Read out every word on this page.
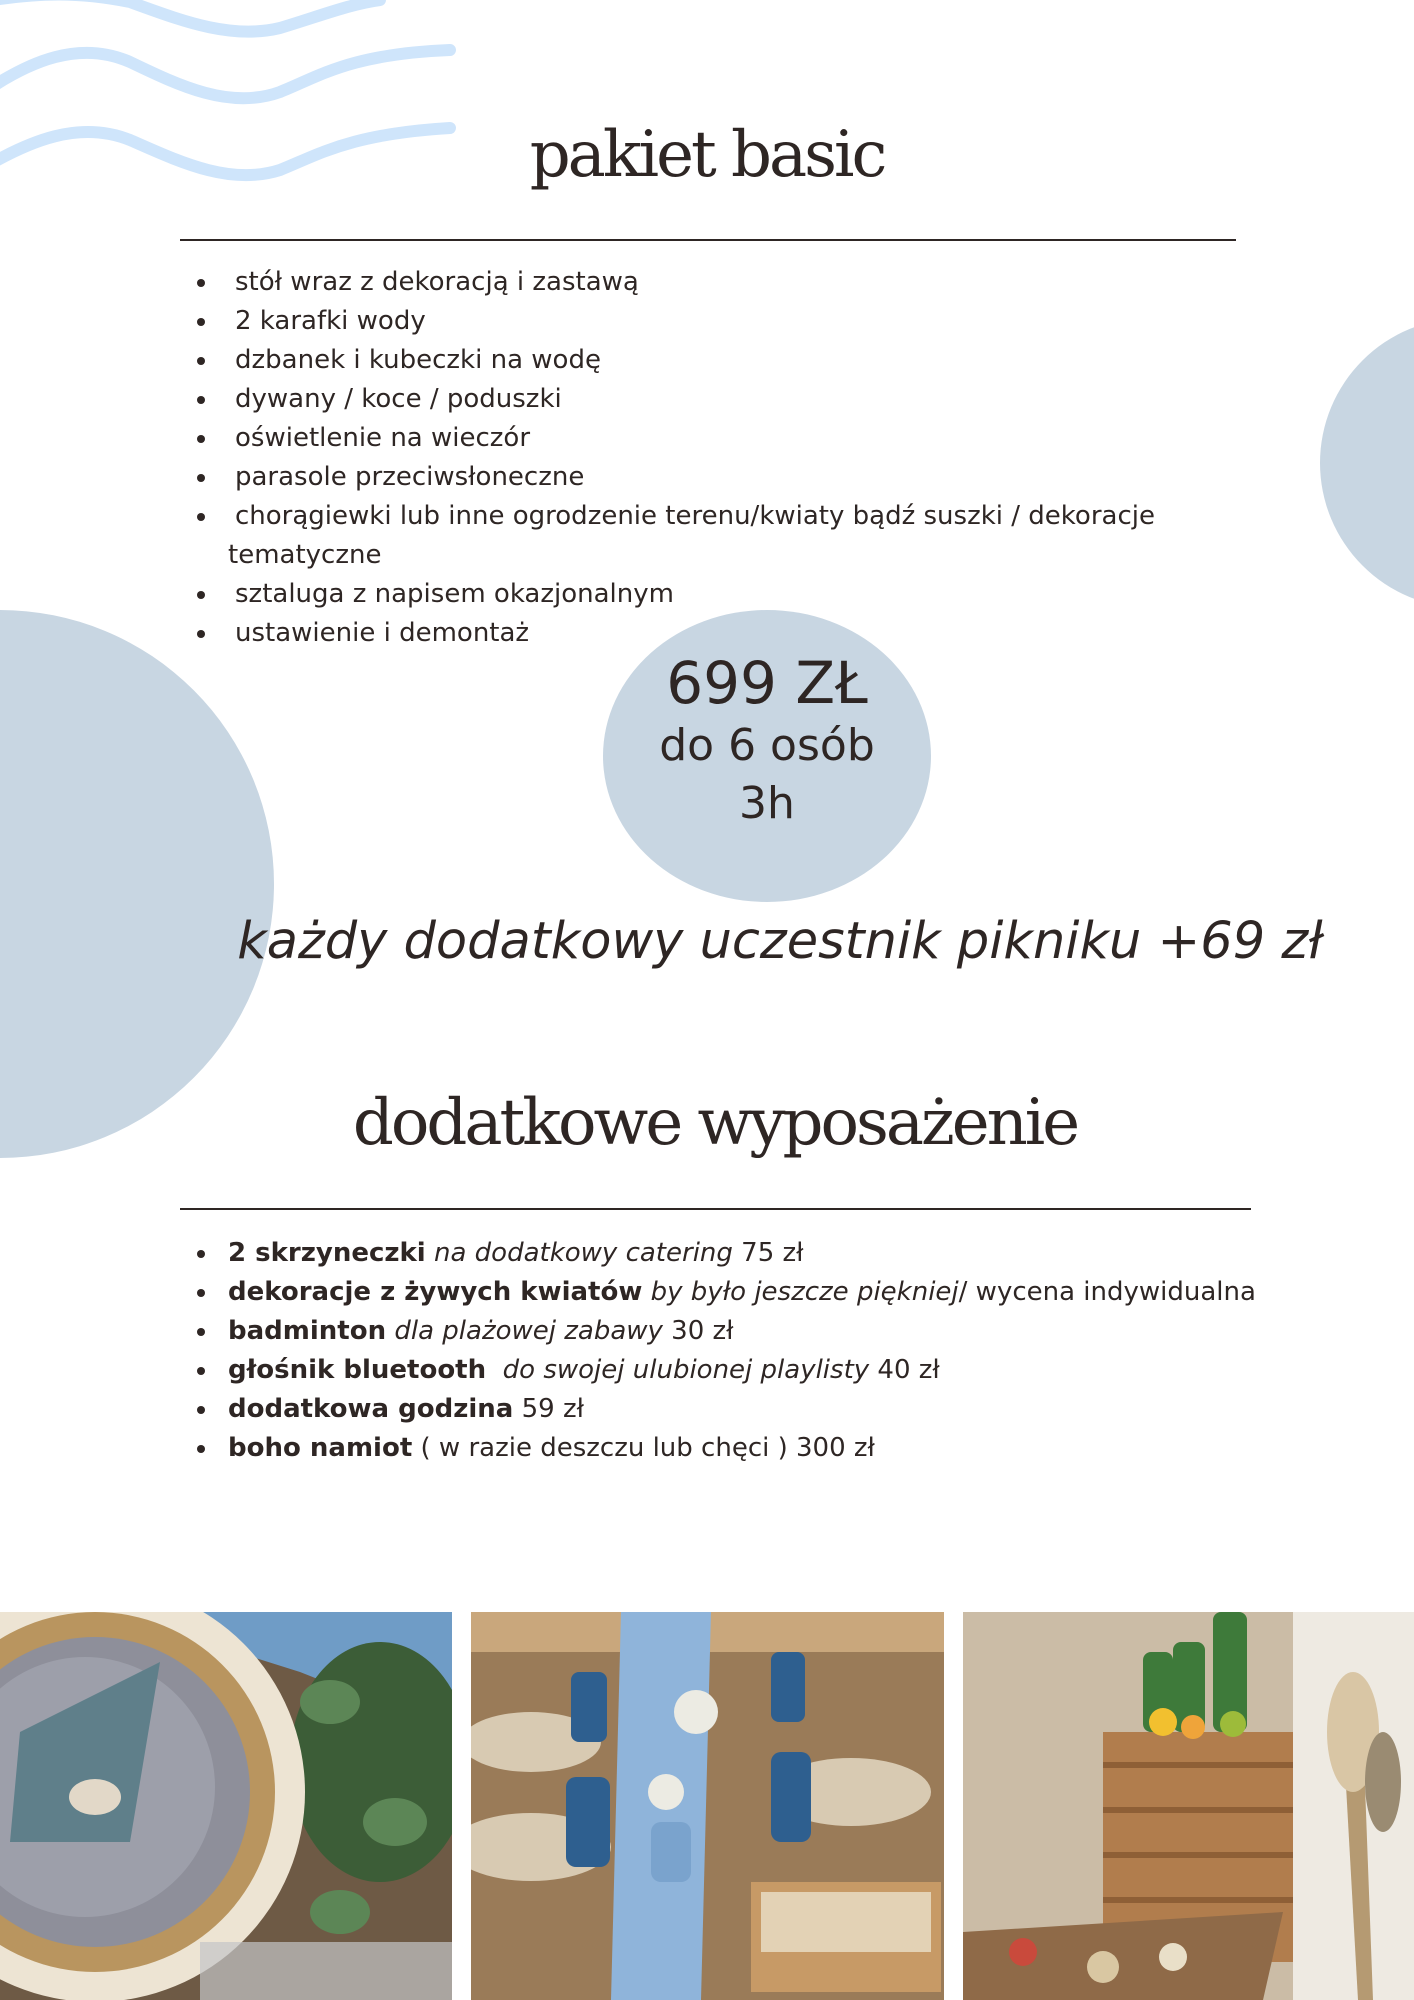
pakiet basic
stół wraz z dekoracją i zastawą
2 karafki wody
dzbanek i kubeczki na wodę
dywany / koce / poduszki
oświetlenie na wieczór
parasole przeciwsłoneczne
chorągiewki lub inne ogrodzenie terenu/kwiaty bądź suszki / dekoracje tematyczne
sztaluga z napisem okazjonalnym
ustawienie i demontaż
699 ZŁ
do 6 osób
3h
każdy dodatkowy uczestnik pikniku +69 zł
dodatkowe wyposażenie
2 skrzyneczki na dodatkowy catering 75 zł
dekoracje z żywych kwiatów by było jeszcze piękniej/ wycena indywidualna
badminton dla plażowej zabawy 30 zł
głośnik bluetooth do swojej ulubionej playlisty 40 zł
dodatkowa godzina 59 zł
boho namiot ( w razie deszczu lub chęci ) 300 zł
